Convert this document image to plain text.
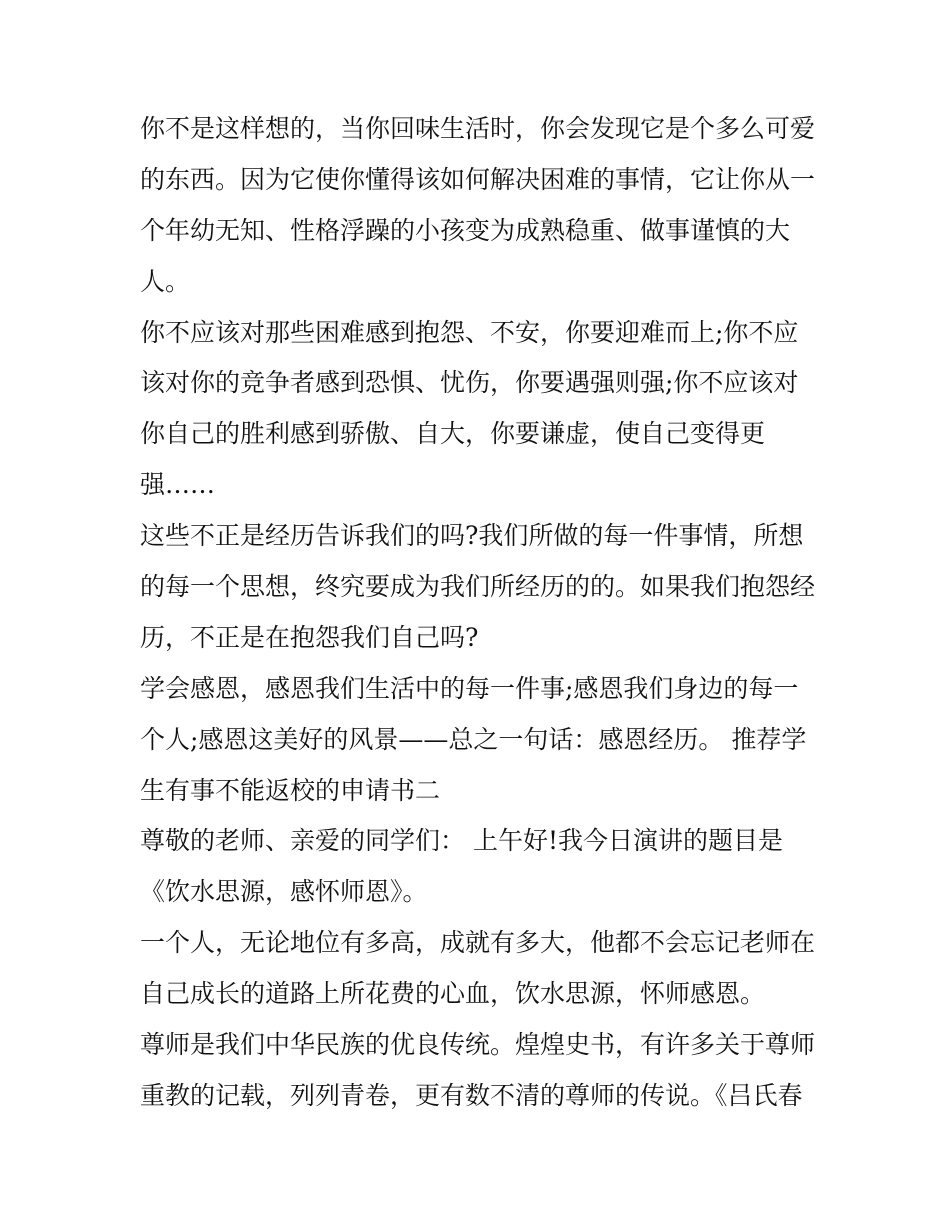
你不是这样想的，当你回味生活时，你会发现它是个多么可爱
的东西。因为它使你懂得该如何解决困难的事情，它让你从一
个年幼无知、性格浮躁的小孩变为成熟稳重、做事谨慎的大
人。
你不应该对那些困难感到抱怨、不安，你要迎难而上;你不应
该对你的竞争者感到恐惧、忧伤，你要遇强则强;你不应该对
你自己的胜利感到骄傲、自大，你要谦虚，使自己变得更
强……
这些不正是经历告诉我们的吗?我们所做的每一件事情，所想
的每一个思想，终究要成为我们所经历的的。如果我们抱怨经
历，不正是在抱怨我们自己吗?
学会感恩，感恩我们生活中的每一件事;感恩我们身边的每一
个人;感恩这美好的风景——总之一句话：感恩经历。 推荐学
生有事不能返校的申请书二
尊敬的老师、亲爱的同学们： 上午好!我今日演讲的题目是
《饮水思源，感怀师恩》。
一个人，无论地位有多高，成就有多大，他都不会忘记老师在
自己成长的道路上所花费的心血，饮水思源，怀师感恩。
尊师是我们中华民族的优良传统。煌煌史书，有许多关于尊师
重教的记载，列列青卷，更有数不清的尊师的传说。《吕氏春
